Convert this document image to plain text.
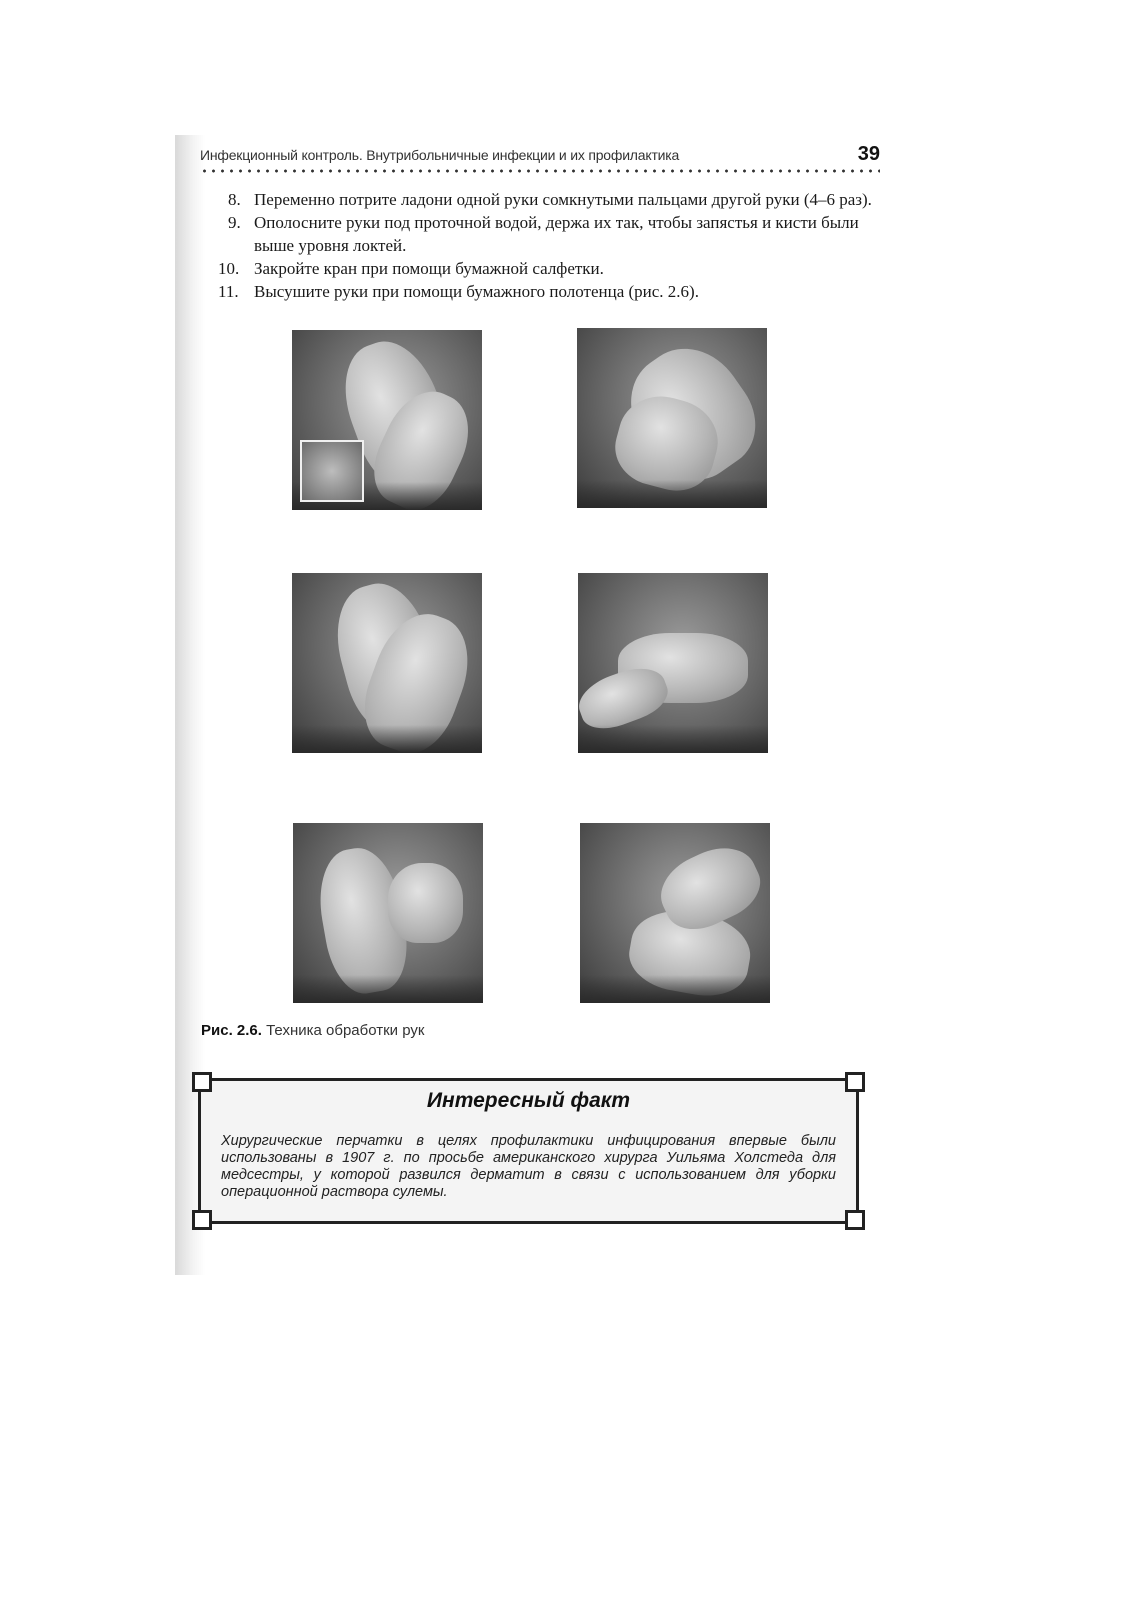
Инфекционный контроль. Внутрибольничные инфекции и их профилактика	39
8. Переменно потрите ладони одной руки сомкнутыми пальцами другой руки (4–6 раз).
9. Ополосните руки под проточной водой, держа их так, чтобы запястья и кисти были выше уровня локтей.
10. Закройте кран при помощи бумажной салфетки.
11. Высушите руки при помощи бумажного полотенца (рис. 2.6).
Рис. 2.6. Техника обработки рук
Интересный факт
Хирургические перчатки в целях профилактики инфицирования впервые были использованы в 1907 г. по просьбе американского хирурга Уильяма Холстеда для медсестры, у которой развился дерматит в связи с использованием для уборки операционной раствора сулемы.
